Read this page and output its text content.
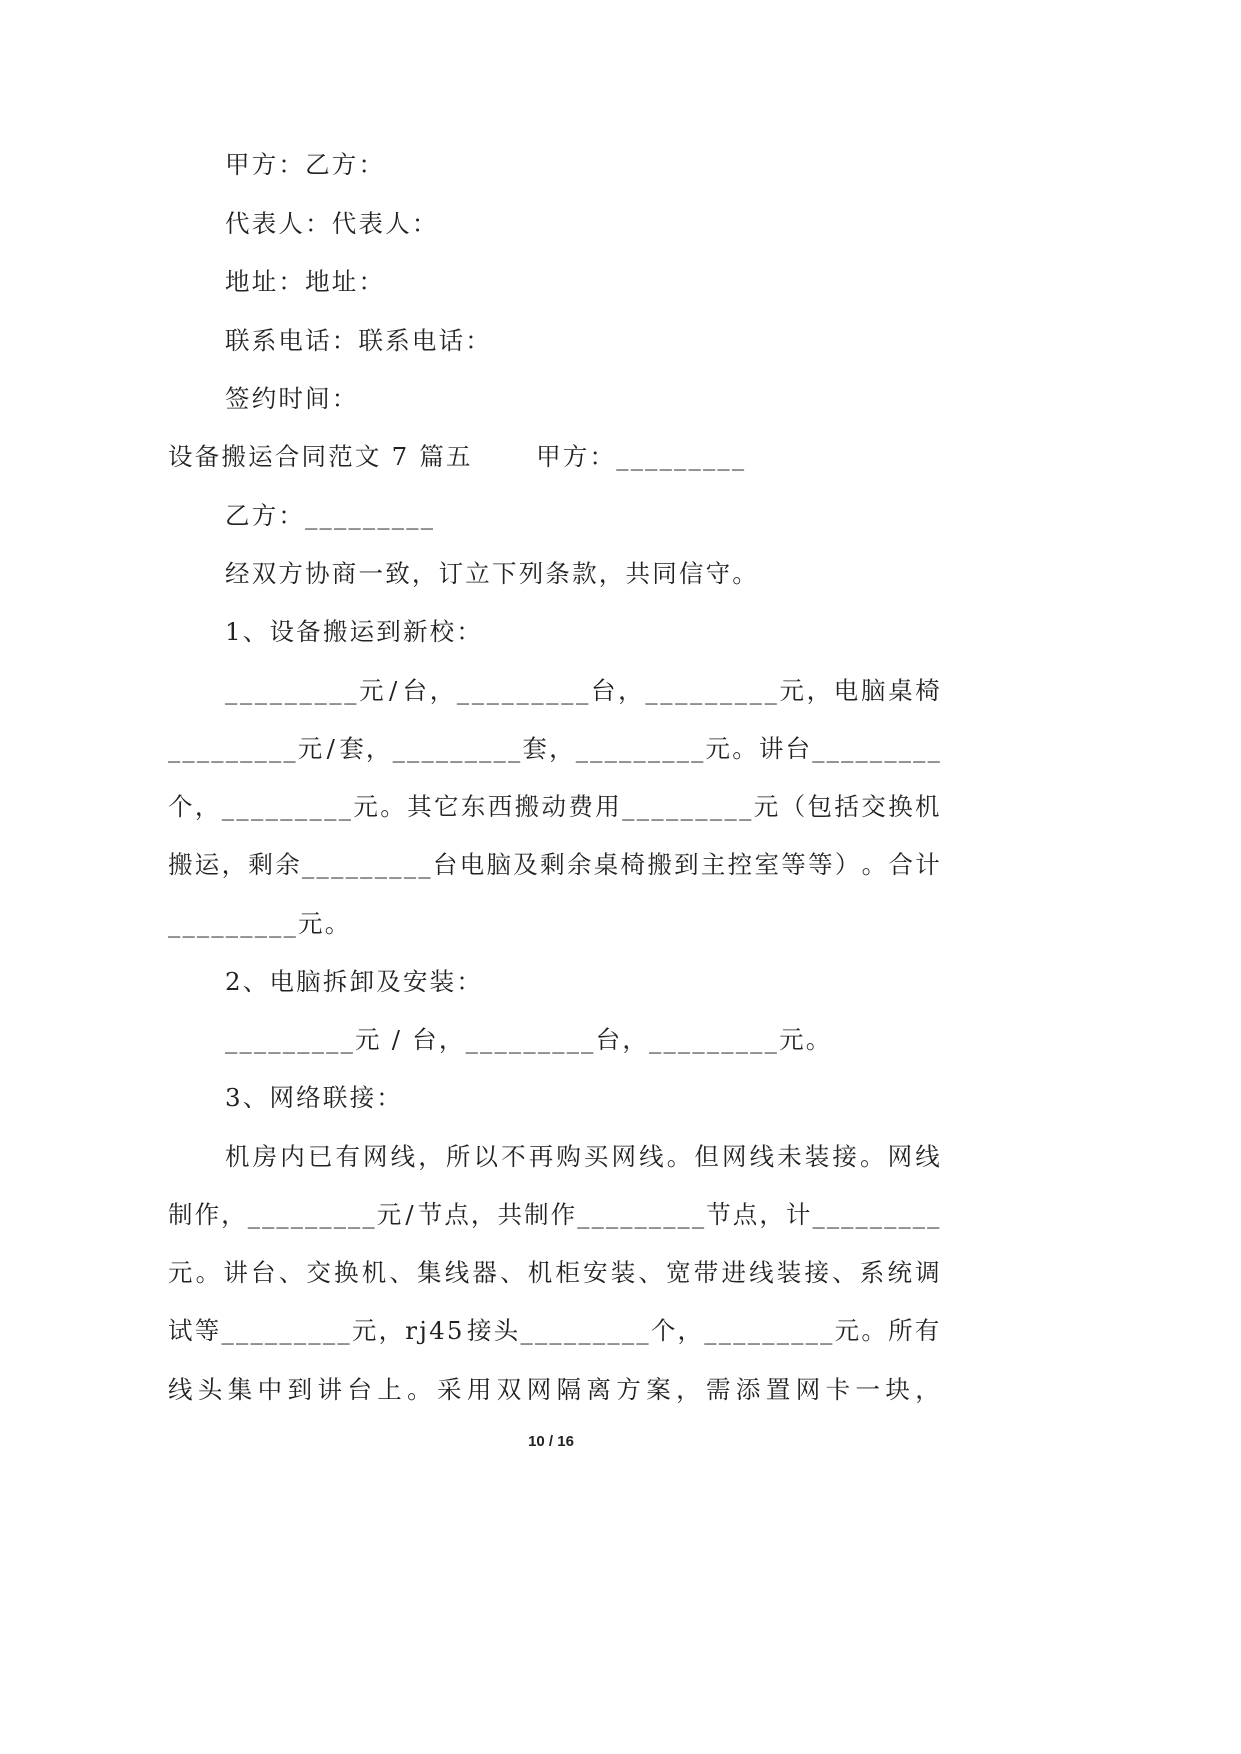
甲方：乙方：
代表人：代表人：
地址：地址：
联系电话：联系电话：
签约时间：
设备搬运合同范文 7 篇五　　 甲方：_________
乙方：_________
经双方协商一致，订立下列条款，共同信守。
1、设备搬运到新校：
_ _ _ _ _ _ _ _ _ 元 / 台 ， _ _ _ _ _ _ _ _ _ 台 ， _ _ _ _ _ _ _ _ _ 元 ， 电 脑 桌 椅
_ _ _ _ _ _ _ _ _ 元 / 套 ， _ _ _ _ _ _ _ _ _ 套 ， _ _ _ _ _ _ _ _ _ 元 。 讲 台 _ _ _ _ _ _ _ _ _
个 ， _ _ _ _ _ _ _ _ _ 元 。 其 它 东 西 搬 动 费 用 _ _ _ _ _ _ _ _ _ 元 （ 包 括 交 换 机
搬 运 ， 剩 余 _ _ _ _ _ _ _ _ _ 台 电 脑 及 剩 余 桌 椅 搬 到 主 控 室 等 等 ） 。 合 计
_________元。
2、电脑拆卸及安装：
_________元 / 台，_________台，_________元。
3、网络联接：
机 房 内 已 有 网 线 ， 所 以 不 再 购 买 网 线 。 但 网 线 未 装 接 。 网 线
制 作 ， _ _ _ _ _ _ _ _ _ 元 / 节 点 ， 共 制 作 _ _ _ _ _ _ _ _ _ 节 点 ， 计 _ _ _ _ _ _ _ _ _
元 。 讲 台 、 交 换 机 、 集 线 器 、 机 柜 安 装 、 宽 带 进 线 装 接 、 系 统 调
试 等 _ _ _ _ _ _ _ _ _ 元 ， r j 4 5 接 头 _ _ _ _ _ _ _ _ _ 个 ， _ _ _ _ _ _ _ _ _ 元 。 所 有
线 头 集 中 到 讲 台 上 。 采 用 双 网 隔 离 方 案 ， 需 添 置 网 卡 一 块 ，
10 / 16
